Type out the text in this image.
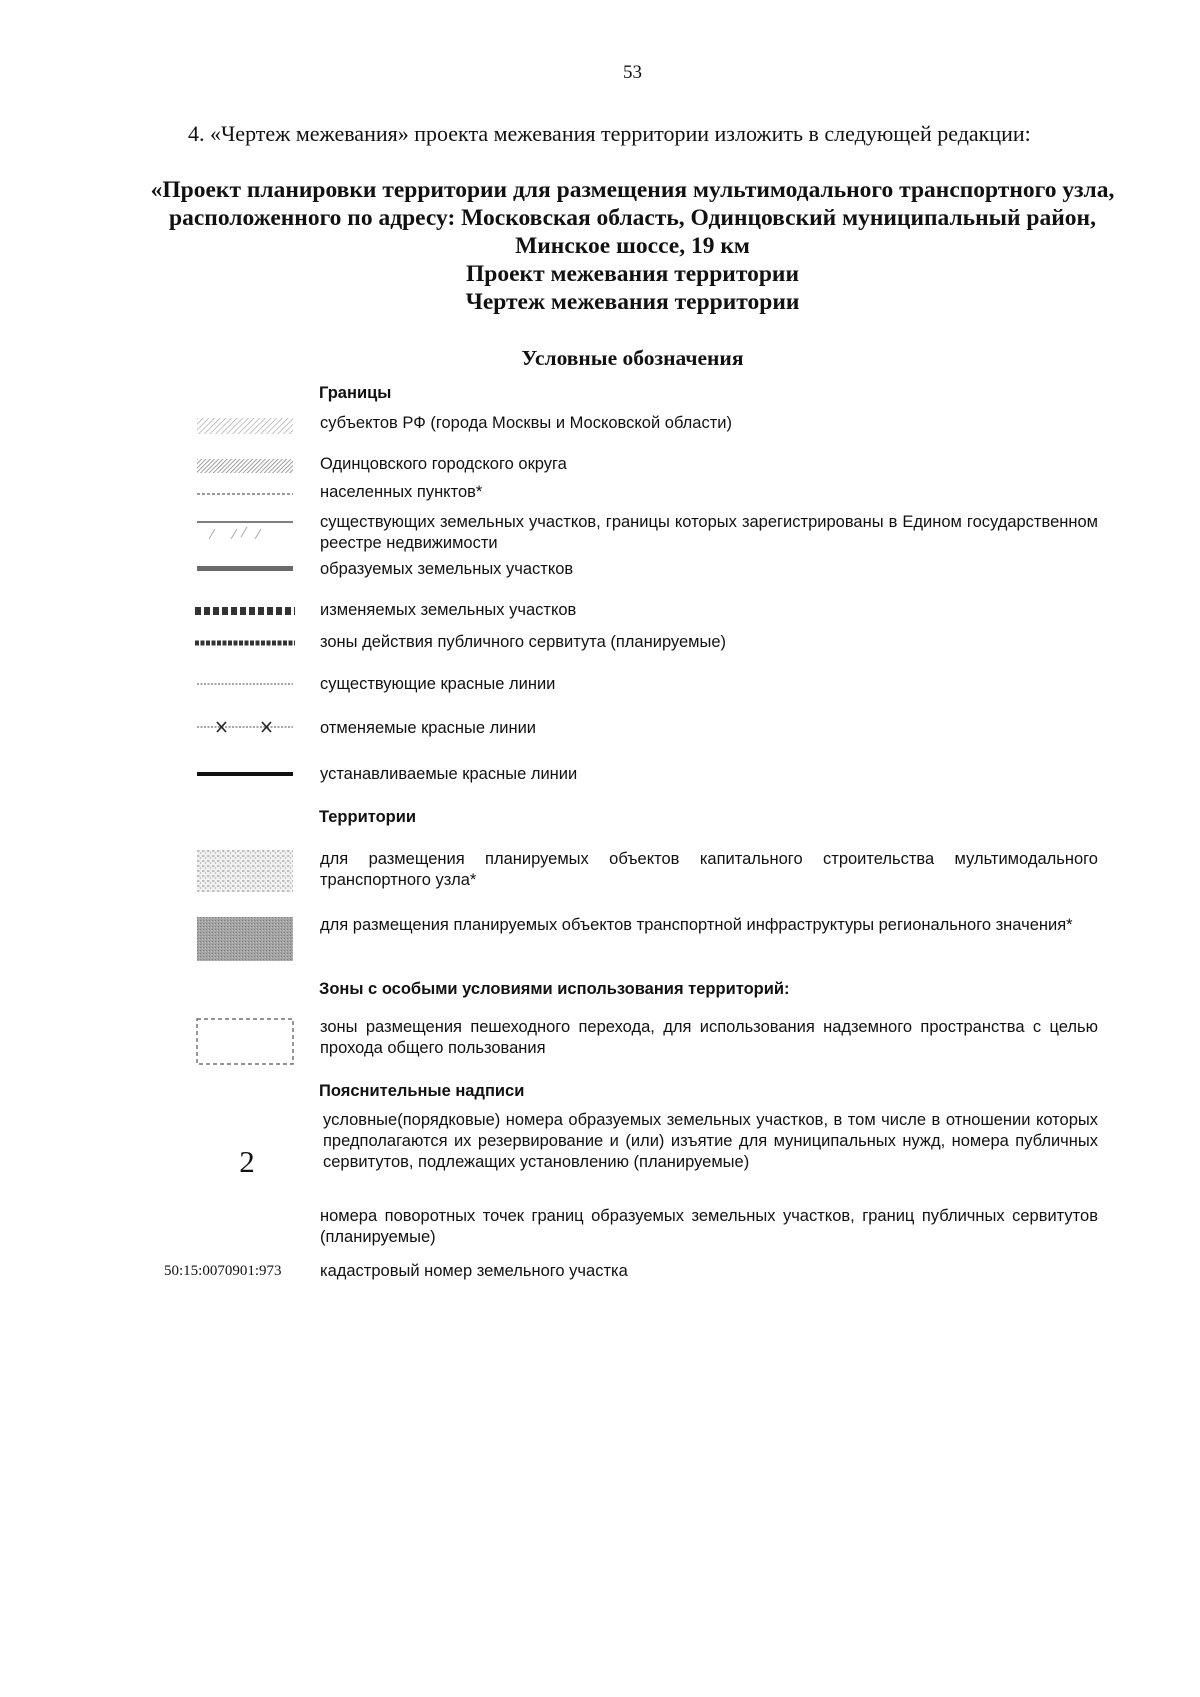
53
4. «Чертеж межевания» проекта межевания территории изложить в следующей редакции:
«Проект планировки территории для размещения мультимодального транспортного узла,
расположенного по адресу: Московская область, Одинцовский муниципальный район,
Минское шоссе, 19 км
Проект межевания территории
Чертеж межевания территории
Условные обозначения
Границы
субъектов РФ (города Москвы и Московской области)
Одинцовского городского округа
населенных пунктов*
существующих земельных участков, границы которых зарегистрированы в Едином государственном реестре недвижимости
образуемых земельных участков
изменяемых земельных участков
зоны действия публичного сервитута (планируемые)
существующие красные линии
отменяемые красные линии
устанавливаемые красные линии
Территории
для размещения планируемых объектов капитального строительства мультимодального транспортного узла*
для размещения планируемых объектов транспортной инфраструктуры регионального значения*
Зоны с особыми условиями использования территорий:
зоны размещения пешеходного перехода, для использования надземного пространства с целью прохода общего пользования
Пояснительные надписи
2
условные(порядковые) номера образуемых земельных участков, в том числе в отношении которых предполагаются их резервирование и (или) изъятие для муниципальных нужд, номера публичных сервитутов, подлежащих установлению (планируемые)
номера поворотных точек границ образуемых земельных участков, границ публичных сервитутов (планируемые)
50:15:0070901:973 кадастровый номер земельного участка
